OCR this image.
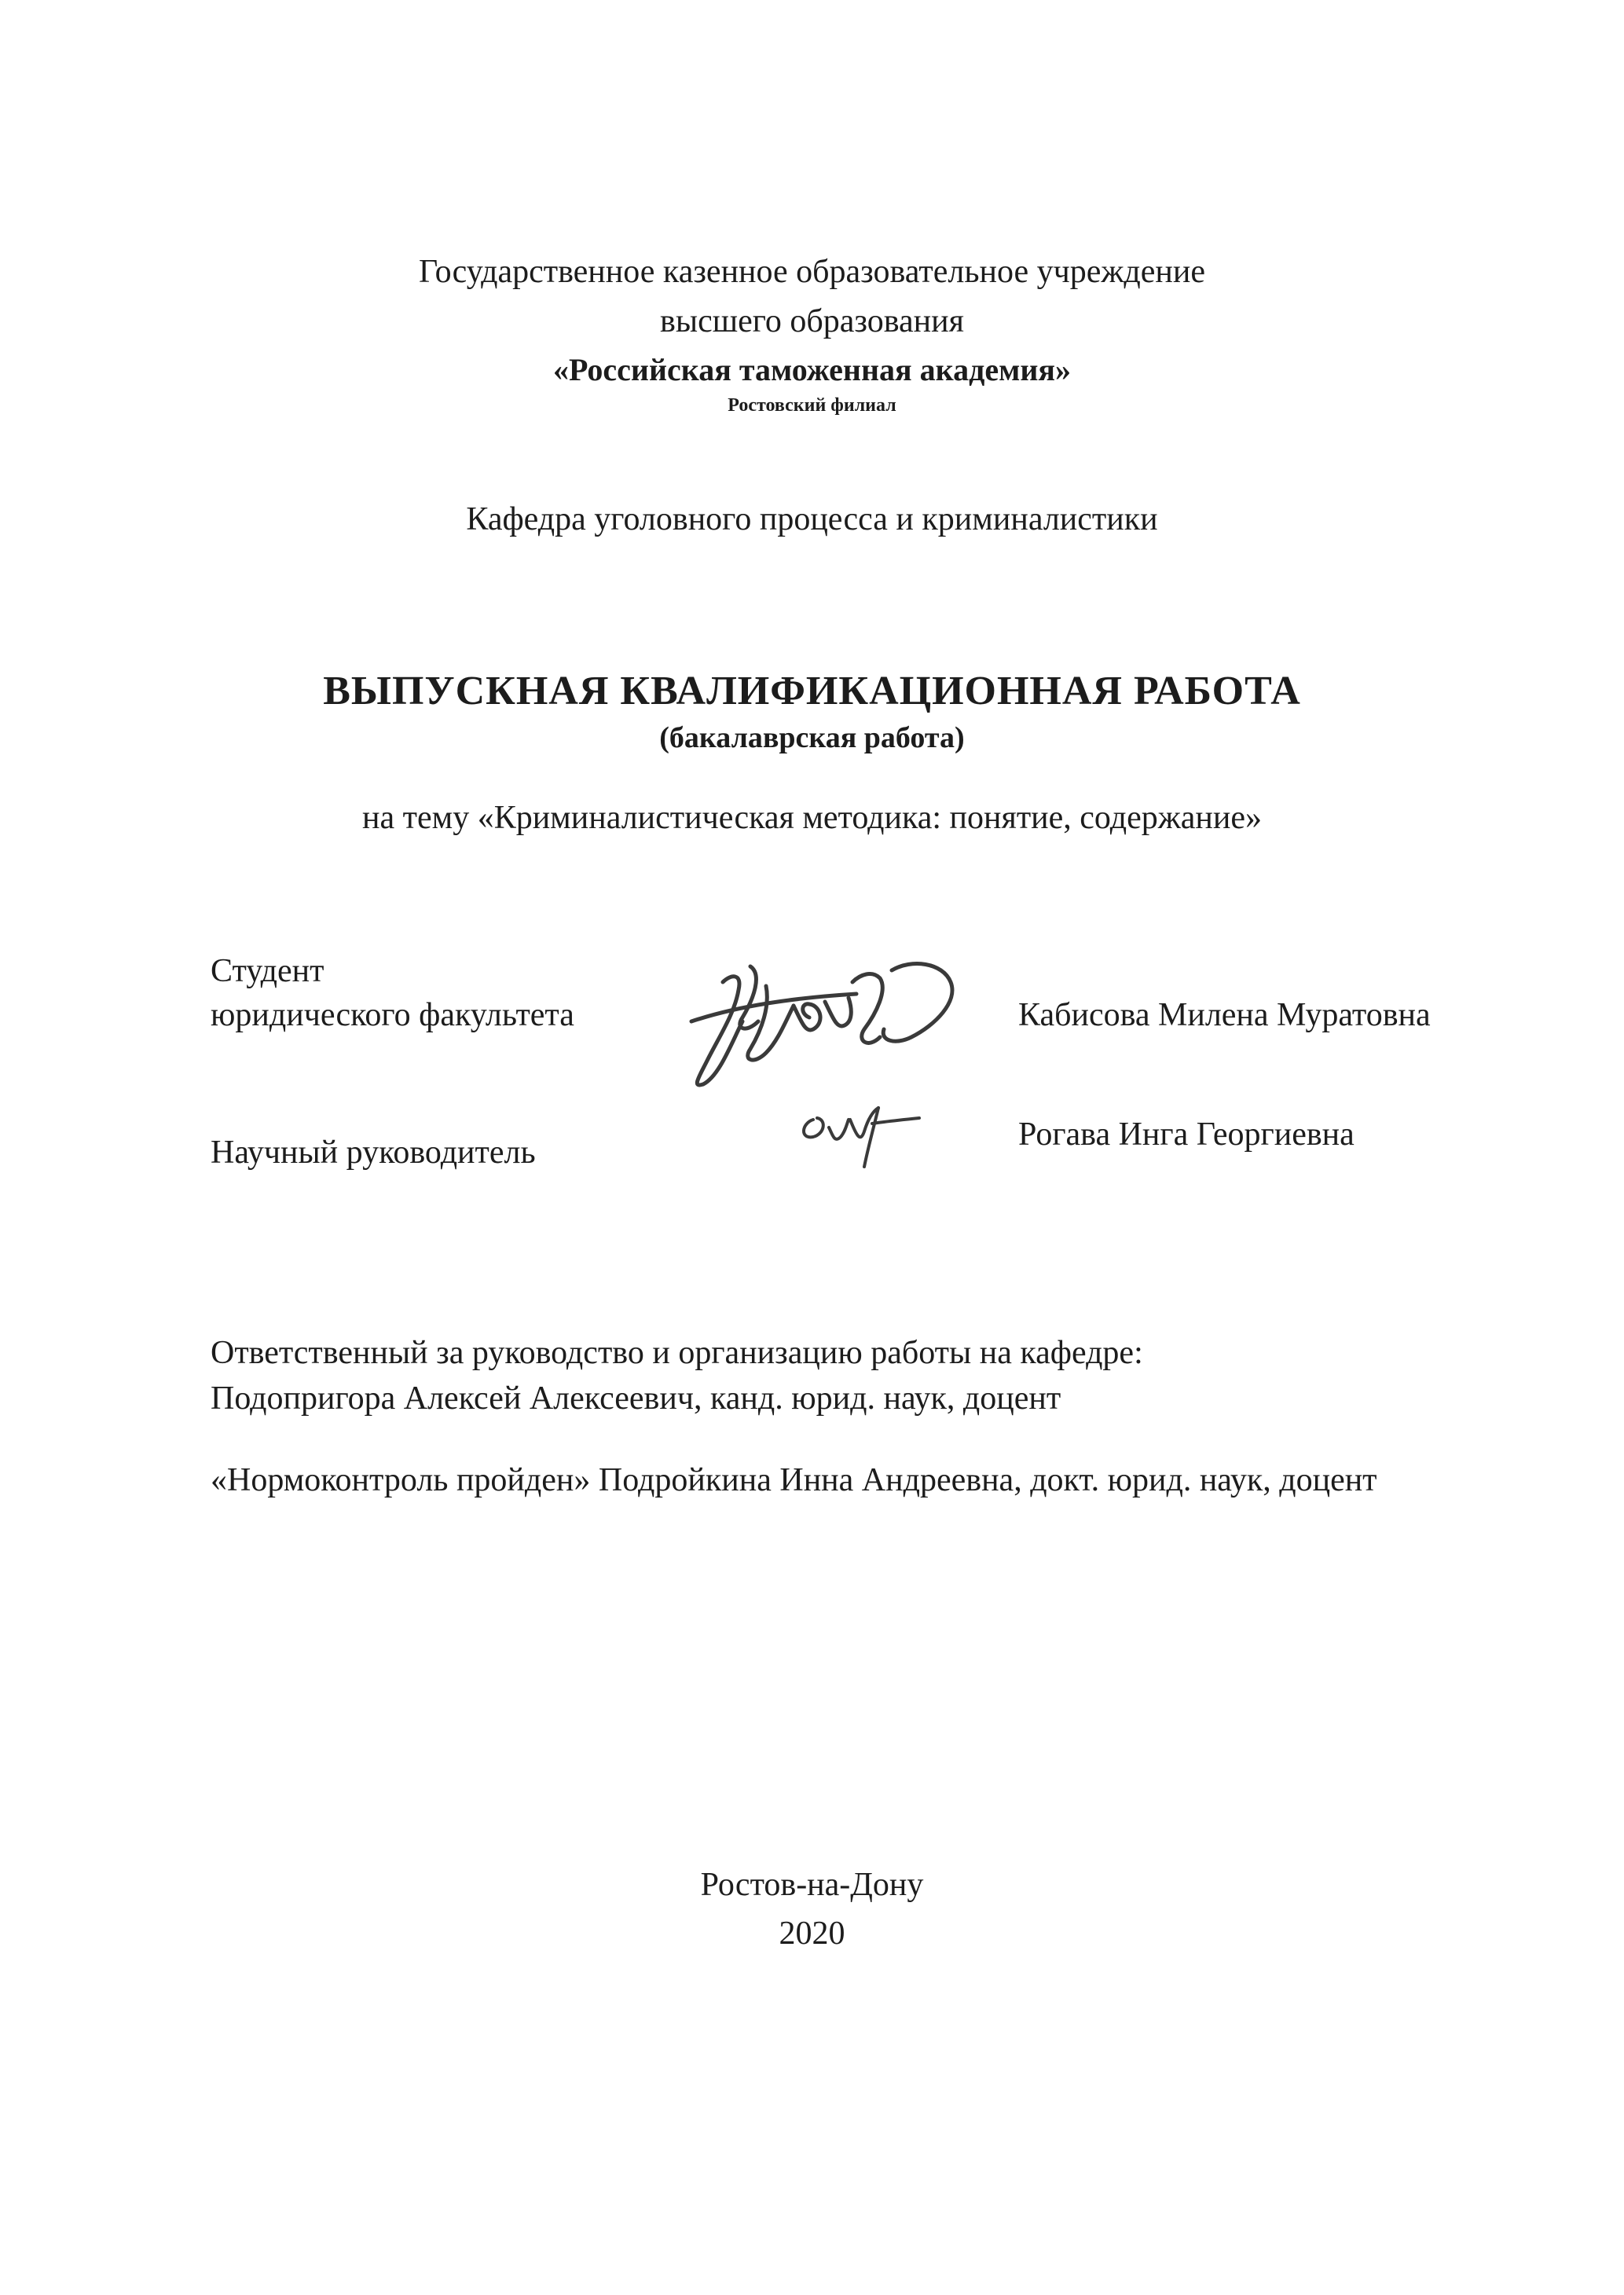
Государственное казенное образовательное учреждение
высшего образования
«Российская таможенная академия»
Ростовский филиал
Кафедра уголовного процесса и криминалистики
ВЫПУСКНАЯ КВАЛИФИКАЦИОННАЯ РАБОТА
(бакалаврская работа)
на тему «Криминалистическая методика: понятие, содержание»
Студент
юридического факультета	Кабисова Милена Муратовна
Научный руководитель	Рогава Инга Георгиевна
Ответственный за руководство и организацию работы на кафедре:
Подопригора Алексей Алексеевич, канд. юрид. наук, доцент
«Нормоконтроль пройден» Подройкина Инна Андреевна, докт. юрид. наук, доцент
Ростов-на-Дону
2020
